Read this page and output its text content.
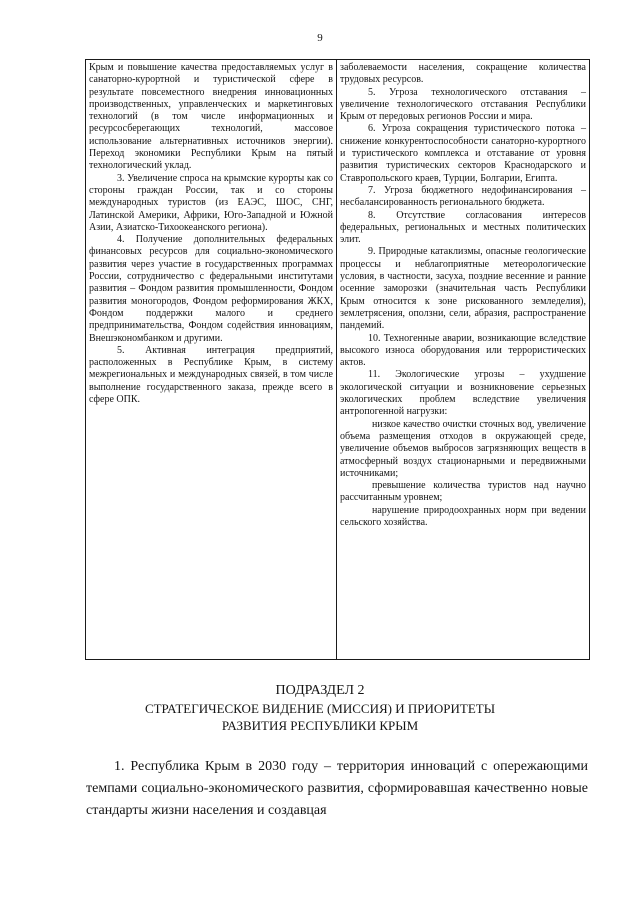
9

Крым и повышение качества предоставляемых услуг в санаторно-курортной и туристической сфере в результате повсеместного внедрения инновационных производственных, управленческих и маркетинговых технологий (в том числе информационных и ресурсосберегающих технологий, массовое использование альтернативных источников энергии). Переход экономики Республики Крым на пятый технологический уклад.

3. Увеличение спроса на крымские курорты как со стороны граждан России, так и со стороны международных туристов (из ЕАЭС, ШОС, СНГ, Латинской Америки, Африки, Юго-Западной и Южной Азии, Азиатско-Тихоокеанского региона).

4. Получение дополнительных федеральных финансовых ресурсов для социально-экономического развития через участие в государственных программах России, сотрудничество с федеральными институтами развития – Фондом развития промышленности, Фондом развития моногородов, Фондом реформирования ЖКХ, Фондом поддержки малого и среднего предпринимательства, Фондом содействия инновациям, Внешэкономбанком и другими.

5. Активная интеграция предприятий, расположенных в Республике Крым, в систему межрегиональных и международных связей, в том числе выполнение государственного заказа, прежде всего в сфере ОПК.

заболеваемости населения, сокращение количества трудовых ресурсов.

5. Угроза технологического отставания – увеличение технологического отставания Республики Крым от передовых регионов России и мира.

6. Угроза сокращения туристического потока – снижение конкурентоспособности санаторно-курортного и туристического комплекса и отставание от уровня развития туристических секторов Краснодарского и Ставропольского краев, Турции, Болгарии, Египта.

7. Угроза бюджетного недофинансирования – несбалансированность регионального бюджета.

8. Отсутствие согласования интересов федеральных, региональных и местных политических элит.

9. Природные катаклизмы, опасные геологические процессы и неблагоприятные метеорологические условия, в частности, засуха, поздние весенние и ранние осенние заморозки (значительная часть Республики Крым относится к зоне рискованного земледелия), землетрясения, оползни, сели, абразия, распространение пандемий.

10. Техногенные аварии, возникающие вследствие высокого износа оборудования или террористических актов.

11. Экологические угрозы – ухудшение экологической ситуации и возникновение серьезных экологических проблем вследствие увеличения антропогенной нагрузки:

низкое качество очистки сточных вод, увеличение объема размещения отходов в окружающей среде, увеличение объемов выбросов загрязняющих веществ в атмосферный воздух стационарными и передвижными источниками;

превышение количества туристов над научно рассчитанным уровнем;

нарушение природоохранных норм при ведении сельского хозяйства.

ПОДРАЗДЕЛ 2
СТРАТЕГИЧЕСКОЕ ВИДЕНИЕ (МИССИЯ) И ПРИОРИТЕТЫ
РАЗВИТИЯ РЕСПУБЛИКИ КРЫМ

1. Республика Крым в 2030 году – территория инноваций с опережающими темпами социально-экономического развития, сформировавшая качественно новые стандарты жизни населения и создавцая
